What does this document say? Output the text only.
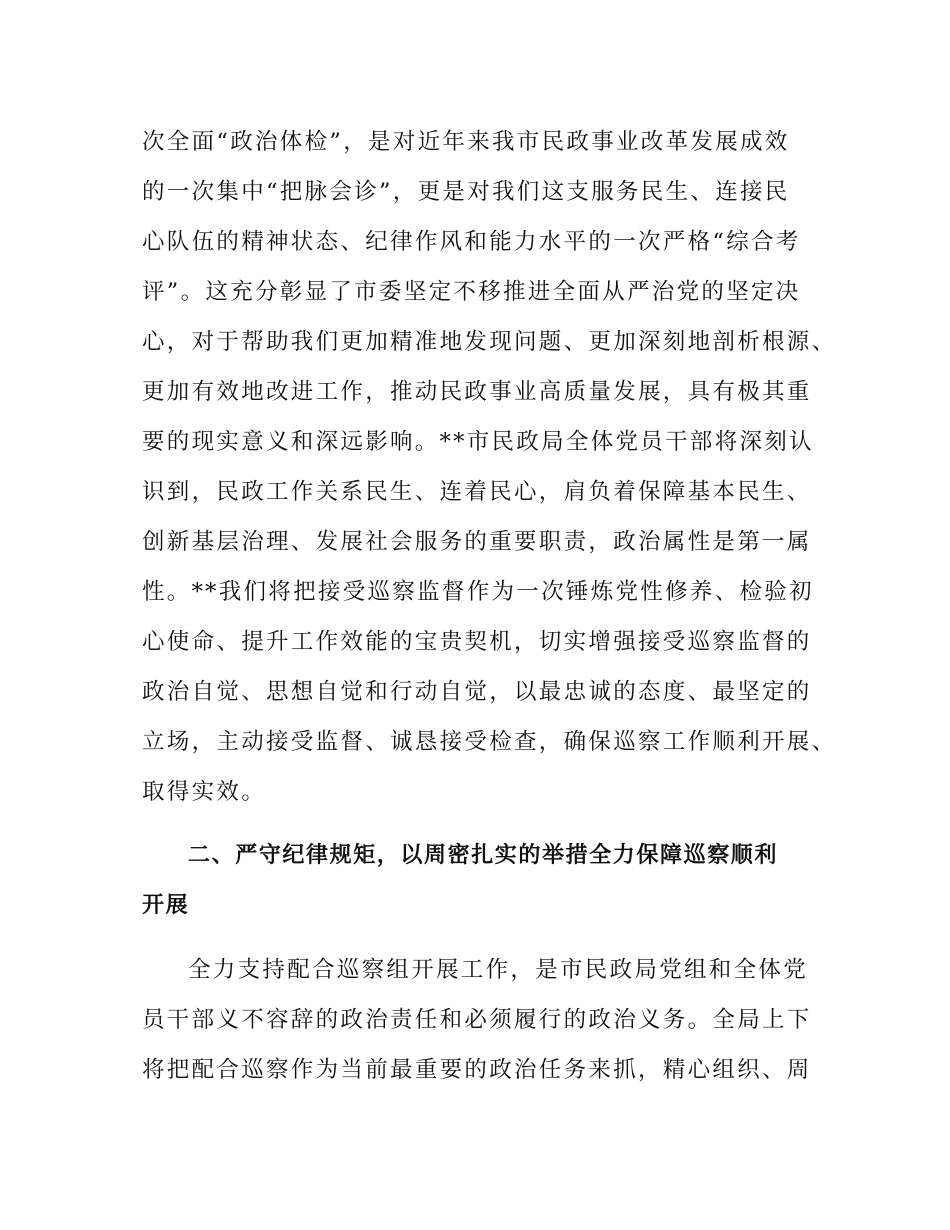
次全面“政治体检”，是对近年来我市民政事业改革发展成效
的一次集中“把脉会诊”，更是对我们这支服务民生、连接民
心队伍的精神状态、纪律作风和能力水平的一次严格“综合考
评”。这充分彰显了市委坚定不移推进全面从严治党的坚定决
心，对于帮助我们更加精准地发现问题、更加深刻地剖析根源、
更加有效地改进工作，推动民政事业高质量发展，具有极其重
要的现实意义和深远影响。**市民政局全体党员干部将深刻认
识到，民政工作关系民生、连着民心，肩负着保障基本民生、
创新基层治理、发展社会服务的重要职责，政治属性是第一属
性。**我们将把接受巡察监督作为一次锤炼党性修养、检验初
心使命、提升工作效能的宝贵契机，切实增强接受巡察监督的
政治自觉、思想自觉和行动自觉，以最忠诚的态度、最坚定的
立场，主动接受监督、诚恳接受检查，确保巡察工作顺利开展、
取得实效。
二、严守纪律规矩，以周密扎实的举措全力保障巡察顺利
开展
全力支持配合巡察组开展工作，是市民政局党组和全体党
员干部义不容辞的政治责任和必须履行的政治义务。全局上下
将把配合巡察作为当前最重要的政治任务来抓，精心组织、周
